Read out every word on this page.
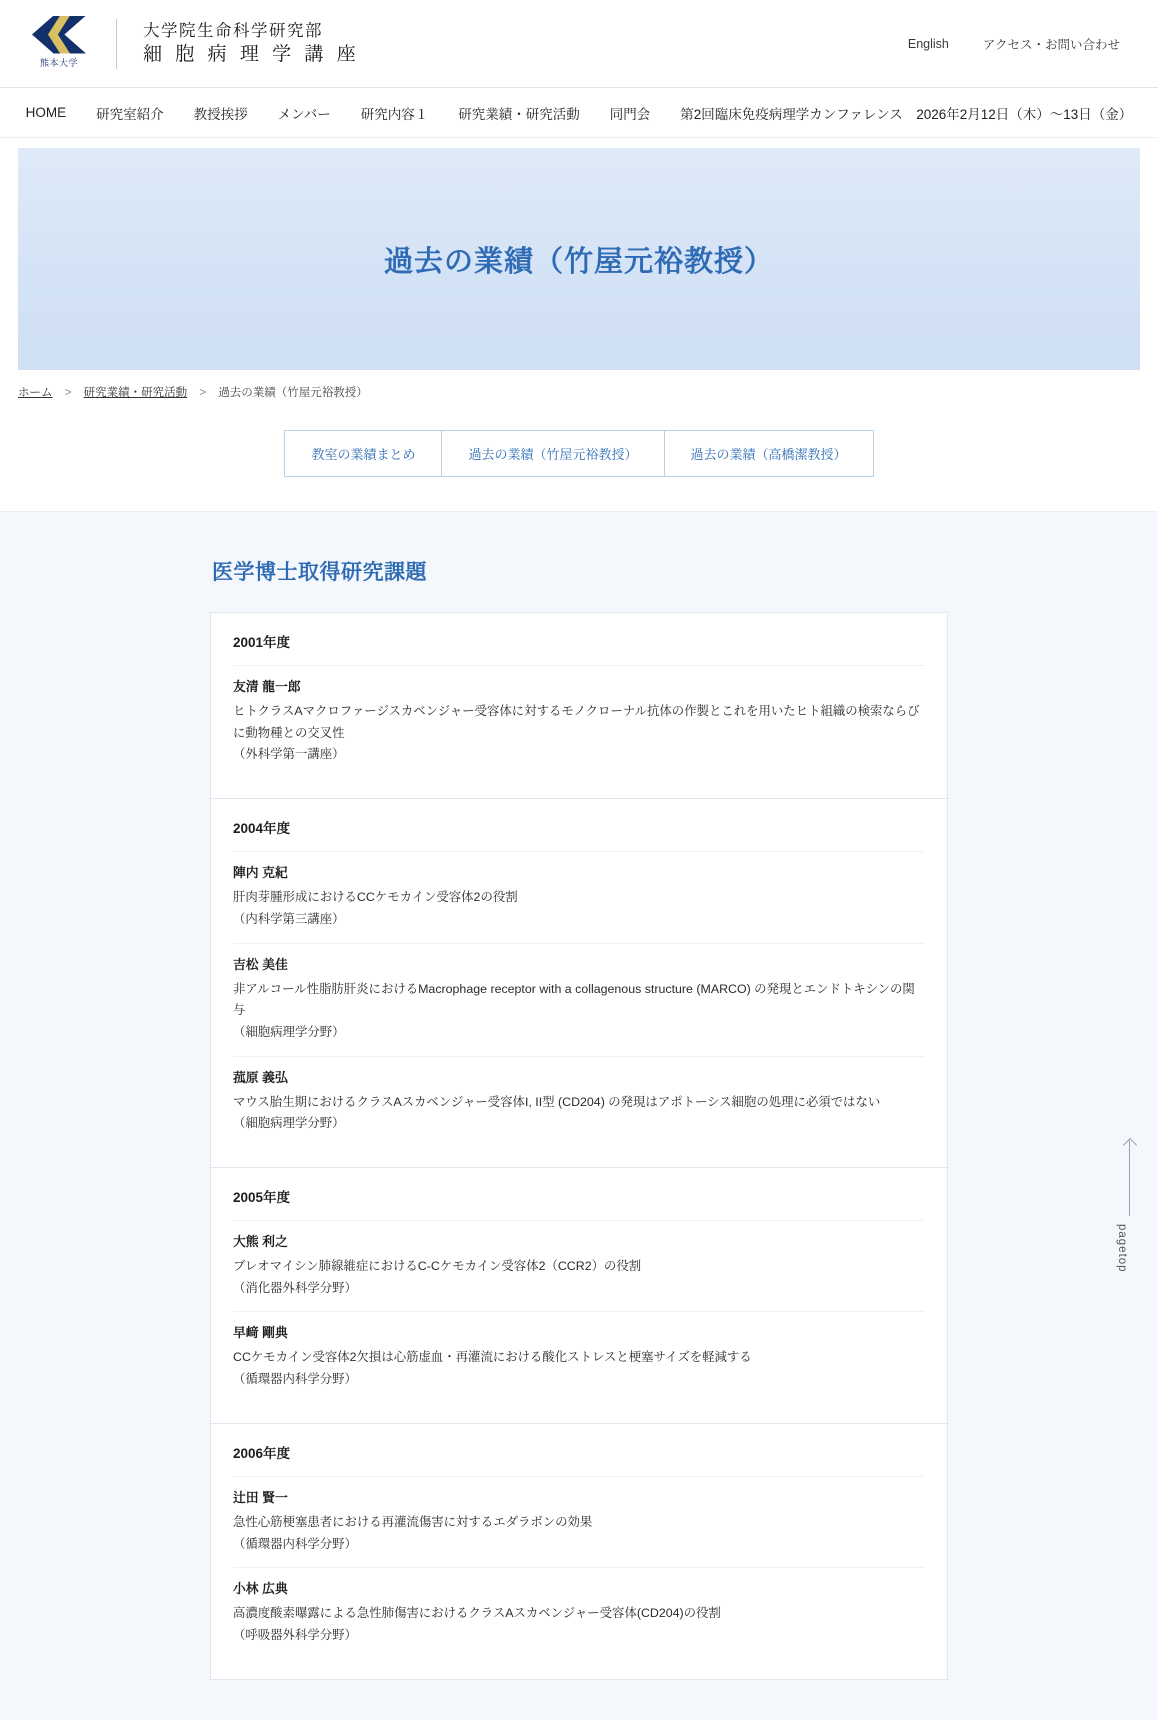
熊本大学
大学院生命科学研究部
細 胞 病 理 学 講 座
English	アクセス・お問い合わせ
HOME 研究室紹介 教授挨拶 メンバー 研究内容１ 研究業績・研究活動 同門会 第2回臨床免疫病理学カンファレンス　2026年2月12日（木）〜13日（金）
過去の業績（竹屋元裕教授）
ホーム > 研究業績・研究活動 > 過去の業績（竹屋元裕教授）
教室の業績まとめ	過去の業績（竹屋元裕教授）	過去の業績（高橋潔教授）
医学博士取得研究課題
2001年度
友清 龍一郎
ヒトクラスAマクロファージスカベンジャー受容体に対するモノクローナル抗体の作製とこれを用いたヒト組織の検索ならびに動物種との交叉性
（外科学第一講座）
2004年度
陣内 克紀
肝肉芽腫形成におけるCCケモカイン受容体2の役割
（内科学第三講座）
吉松 美佳
非アルコール性脂肪肝炎におけるMacrophage receptor with a collagenous structure (MARCO) の発現とエンドトキシンの関与
（細胞病理学分野）
菰原 義弘
マウス胎生期におけるクラスAスカベンジャー受容体I, II型 (CD204) の発現はアポトーシス細胞の処理に必須ではない
（細胞病理学分野）
2005年度
大熊 利之
ブレオマイシン肺線維症におけるC-Cケモカイン受容体2（CCR2）の役割
（消化器外科学分野）
早﨑 剛典
CCケモカイン受容体2欠損は心筋虚血・再灌流における酸化ストレスと梗塞サイズを軽減する
（循環器内科学分野）
2006年度
辻田 賢一
急性心筋梗塞患者における再灌流傷害に対するエダラボンの効果
（循環器内科学分野）
小林 広典
高濃度酸素曝露による急性肺傷害におけるクラスAスカベンジャー受容体(CD204)の役割
（呼吸器外科学分野）
pagetop
